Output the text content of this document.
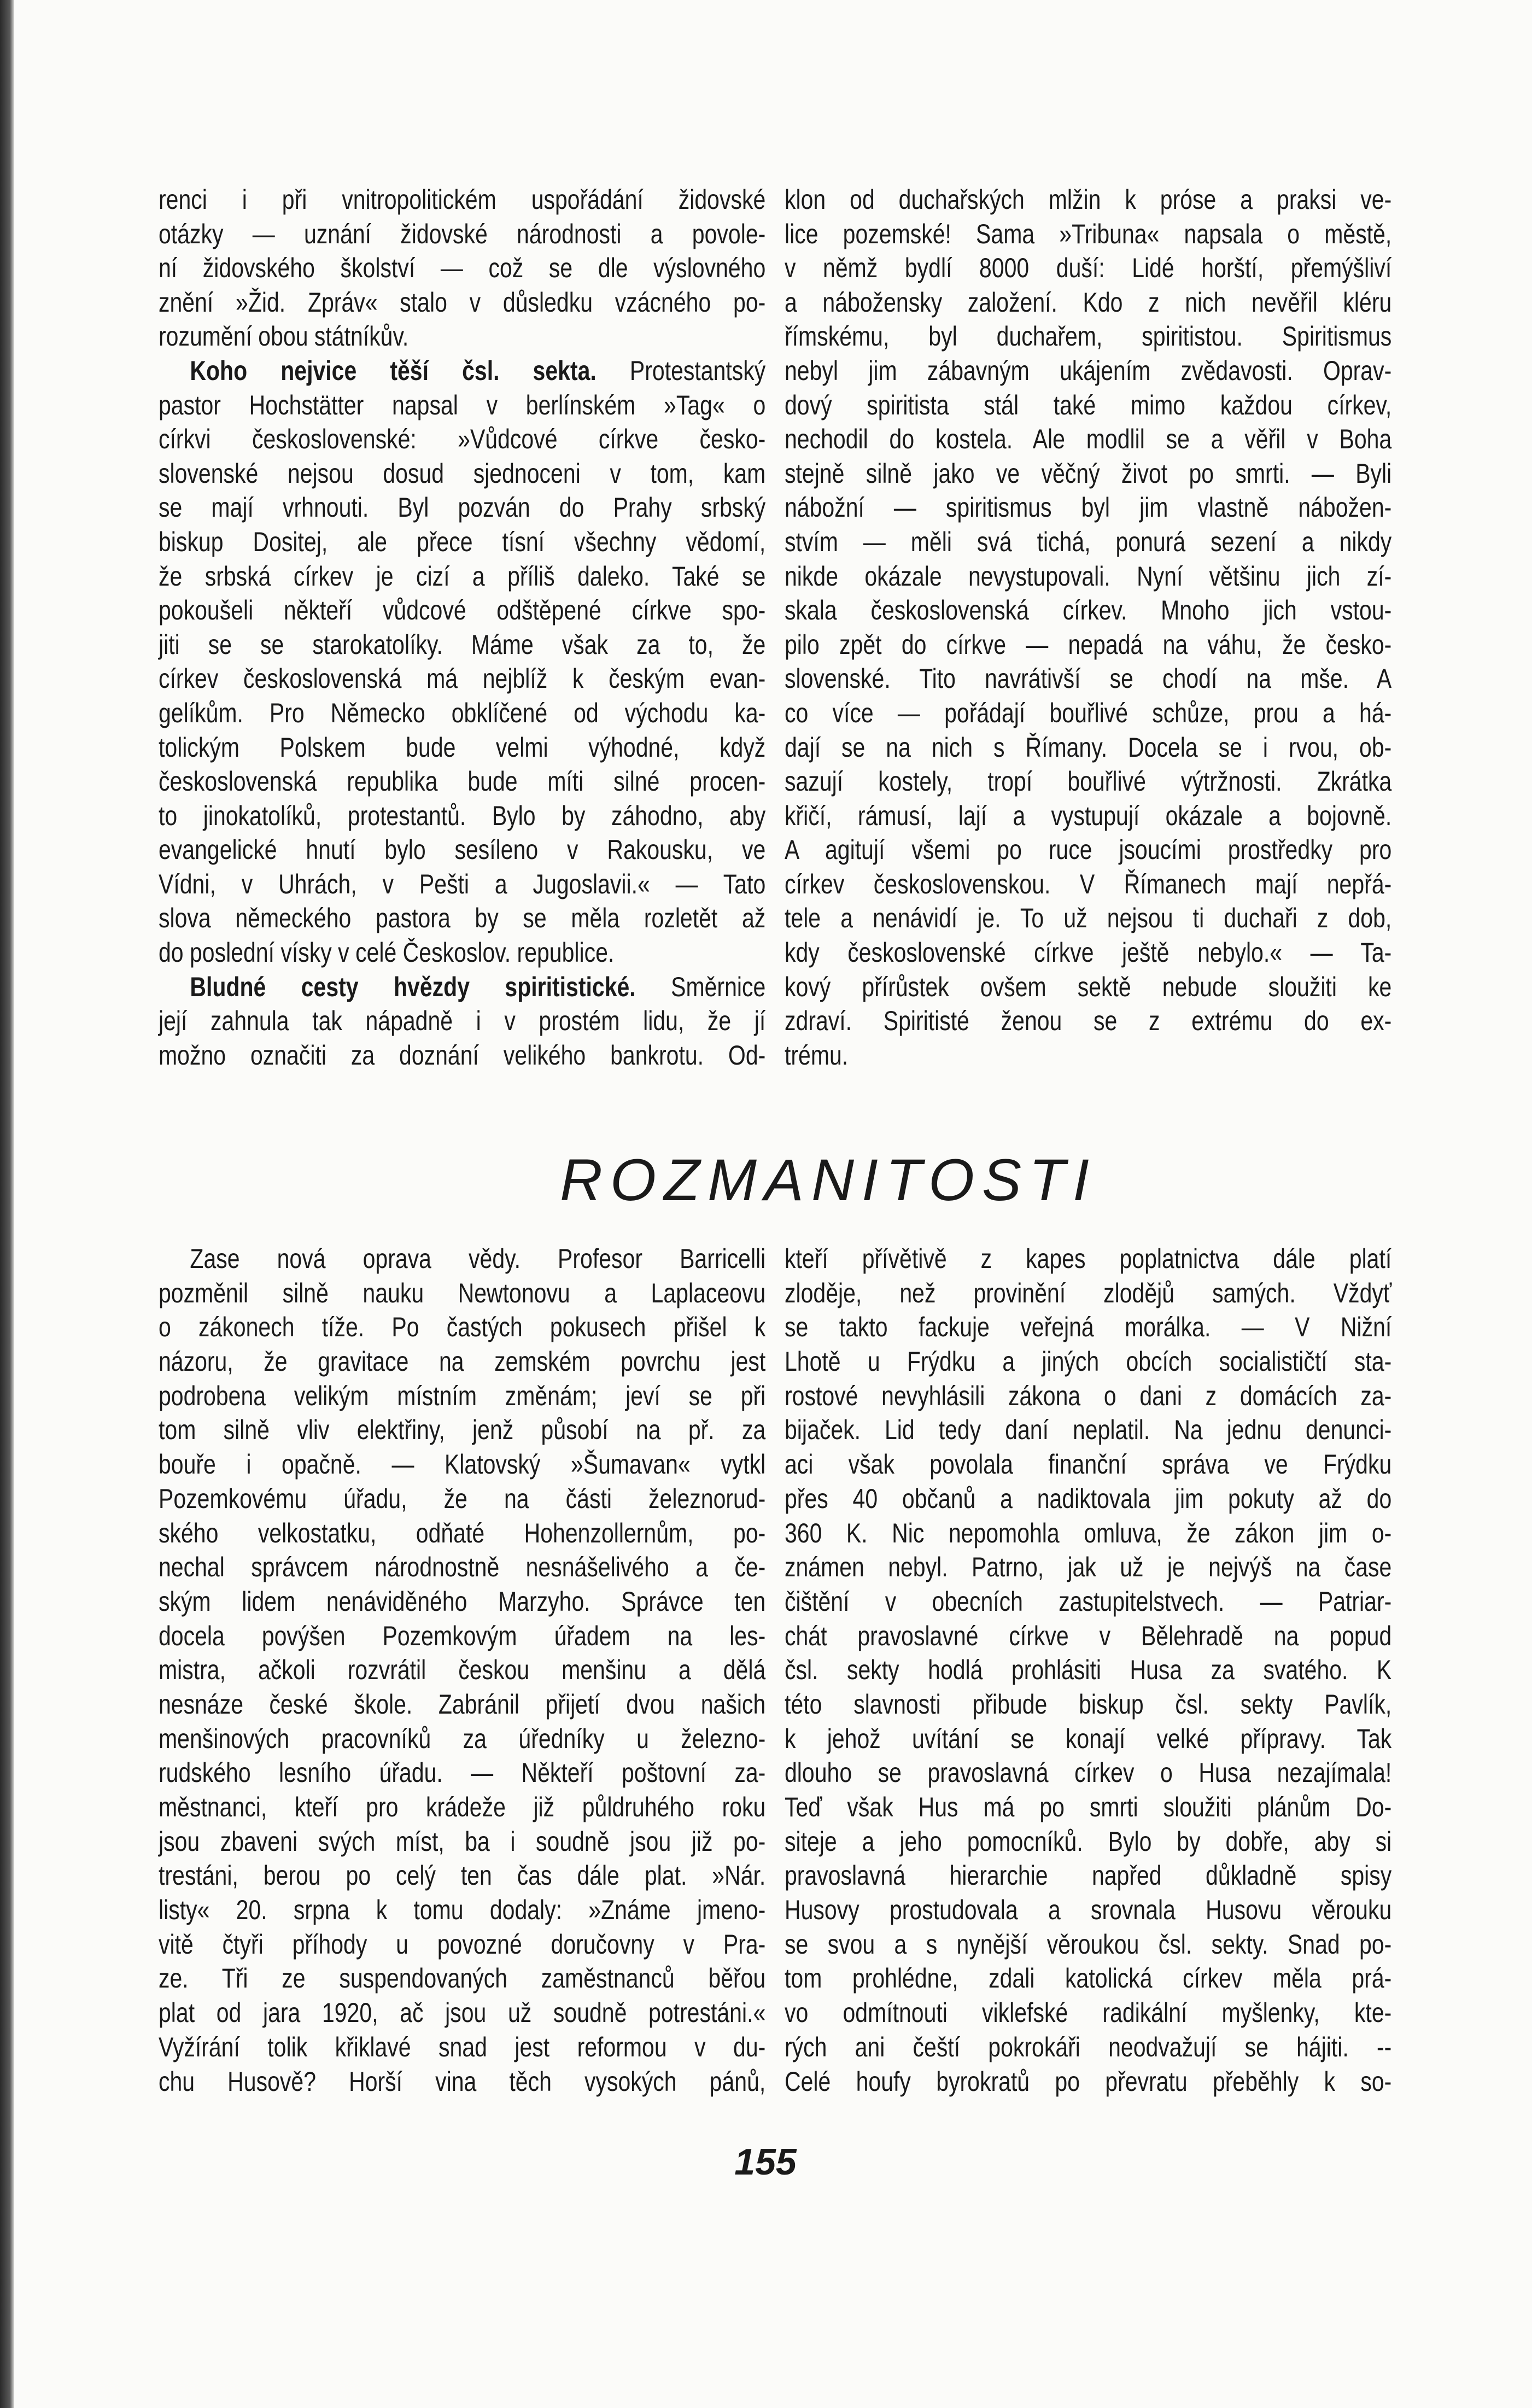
renci i při vnitropolitickém uspořádání židovské
otázky — uznání židovské národnosti a povole-
ní židovského školství — což se dle výslovného
znění »Žid. Zpráv« stalo v důsledku vzácného po-
rozumění obou státníkův.
Koho nejvice těší čsl. sekta. Protestantský
pastor Hochstätter napsal v berlínském »Tag« o
církvi československé: »Vůdcové církve česko-
slovenské nejsou dosud sjednoceni v tom, kam
se mají vrhnouti. Byl pozván do Prahy srbský
biskup Dositej, ale přece tísní všechny vědomí,
že srbská církev je cizí a příliš daleko. Také se
pokoušeli někteří vůdcové odštěpené církve spo-
jiti se se starokatolíky. Máme však za to, že
církev československá má nejblíž k českým evan-
gelíkům. Pro Německo obklíčené od východu ka-
tolickým Polskem bude velmi výhodné, když
československá republika bude míti silné procen-
to jinokatolíků, protestantů. Bylo by záhodno, aby
evangelické hnutí bylo sesíleno v Rakousku, ve
Vídni, v Uhrách, v Pešti a Jugoslavii.« — Tato
slova německého pastora by se měla rozletět až
do poslední vísky v celé Českoslov. republice.
Bludné cesty hvězdy spiritistické. Směrnice
její zahnula tak nápadně i v prostém lidu, že jí
možno označiti za doznání velikého bankrotu. Od-
klon od duchařských mlžin k próse a praksi ve-
lice pozemské! Sama »Tribuna« napsala o městě,
v němž bydlí 8000 duší: Lidé horští, přemýšliví
a nábožensky založení. Kdo z nich nevěřil kléru
římskému, byl duchařem, spiritistou. Spiritismus
nebyl jim zábavným ukájením zvědavosti. Oprav-
dový spiritista stál také mimo každou církev,
nechodil do kostela. Ale modlil se a věřil v Boha
stejně silně jako ve věčný život po smrti. — Byli
nábožní — spiritismus byl jim vlastně nábožen-
stvím — měli svá tichá, ponurá sezení a nikdy
nikde okázale nevystupovali. Nyní většinu jich zí-
skala československá církev. Mnoho jich vstou-
pilo zpět do církve — nepadá na váhu, že česko-
slovenské. Tito navrátivší se chodí na mše. A
co více — pořádají bouřlivé schůze, prou a há-
dají se na nich s Římany. Docela se i rvou, ob-
sazují kostely, tropí bouřlivé výtržnosti. Zkrátka
křičí, rámusí, lají a vystupují okázale a bojovně.
A agitují všemi po ruce jsoucími prostředky pro
církev československou. V Římanech mají nepřá-
tele a nenávidí je. To už nejsou ti duchaři z dob,
kdy československé církve ještě nebylo.« — Ta-
kový přírůstek ovšem sektě nebude sloužiti ke
zdraví. Spiritisté ženou se z extrému do ex-
trému.
ROZMANITOSTI
Zase nová oprava vědy. Profesor Barricelli
pozměnil silně nauku Newtonovu a Laplaceovu
o zákonech tíže. Po častých pokusech přišel k
názoru, že gravitace na zemském povrchu jest
podrobena velikým místním změnám; jeví se při
tom silně vliv elektřiny, jenž působí na př. za
bouře i opačně. — Klatovský »Šumavan« vytkl
Pozemkovému úřadu, že na části železnorud-
ského velkostatku, odňaté Hohenzollernům, po-
nechal správcem národnostně nesnášelivého a če-
ským lidem nenáviděného Marzyho. Správce ten
docela povýšen Pozemkovým úřadem na les-
mistra, ačkoli rozvrátil českou menšinu a dělá
nesnáze české škole. Zabránil přijetí dvou našich
menšinových pracovníků za úředníky u železno-
rudského lesního úřadu. — Někteří poštovní za-
městnanci, kteří pro krádeže již půldruhého roku
jsou zbaveni svých míst, ba i soudně jsou již po-
trestáni, berou po celý ten čas dále plat. »Nár.
listy« 20. srpna k tomu dodaly: »Známe jmeno-
vitě čtyři příhody u povozné doručovny v Pra-
ze. Tři ze suspendovaných zaměstnanců běřou
plat od jara 1920, ač jsou už soudně potrestáni.«
Vyžírání tolik křiklavé snad jest reformou v du-
chu Husově? Horší vina těch vysokých pánů,
kteří přívětivě z kapes poplatnictva dále platí
zloděje, než provinění zlodějů samých. Vždyť
se takto fackuje veřejná morálka. — V Nižní
Lhotě u Frýdku a jiných obcích socialističtí sta-
rostové nevyhlásili zákona o dani z domácích za-
bijaček. Lid tedy daní neplatil. Na jednu denunci-
aci však povolala finanční správa ve Frýdku
přes 40 občanů a nadiktovala jim pokuty až do
360 K. Nic nepomohla omluva, že zákon jim o-
známen nebyl. Patrno, jak už je nejvýš na čase
čištění v obecních zastupitelstvech. — Patriar-
chát pravoslavné církve v Bělehradě na popud
čsl. sekty hodlá prohlásiti Husa za svatého. K
této slavnosti přibude biskup čsl. sekty Pavlík,
k jehož uvítání se konají velké přípravy. Tak
dlouho se pravoslavná církev o Husa nezajímala!
Teď však Hus má po smrti sloužiti plánům Do-
siteje a jeho pomocníků. Bylo by dobře, aby si
pravoslavná hierarchie napřed důkladně spisy
Husovy prostudovala a srovnala Husovu věrouku
se svou a s nynější věroukou čsl. sekty. Snad po-
tom prohlédne, zdali katolická církev měla prá-
vo odmítnouti viklefské radikální myšlenky, kte-
rých ani čeští pokrokáři neodvažují se hájiti. --
Celé houfy byrokratů po převratu přeběhly k so-
155
